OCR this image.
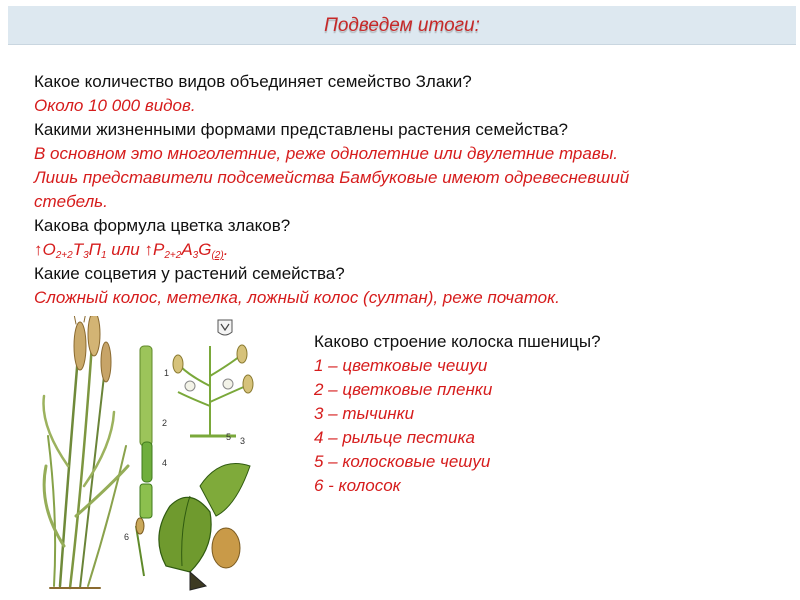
Подведем итоги:
Какое количество видов объединяет семейство Злаки?
Около 10 000 видов.
Какими жизненными формами представлены растения семейства?
В основном это многолетние, реже однолетние или двулетние травы.
Лишь представители подсемейства Бамбуковые имеют одревесневший
стебель.
Какова формула цветка злаков?
$↑О_{2+2}Т_3П_1$ или $↑P_{2+2}A_3G_{(2)}$.
Какие соцветия у растений семейства?
Сложный колос, метелка, ложный колос (султан), реже початок.
Каково строение колоска пшеницы?
1 – цветковые чешуи
2 – цветковые пленки
3 – тычинки
4 – рыльце пестика
5 – колосковые чешуи
6 - колосок
1
2
3
4
5
6
